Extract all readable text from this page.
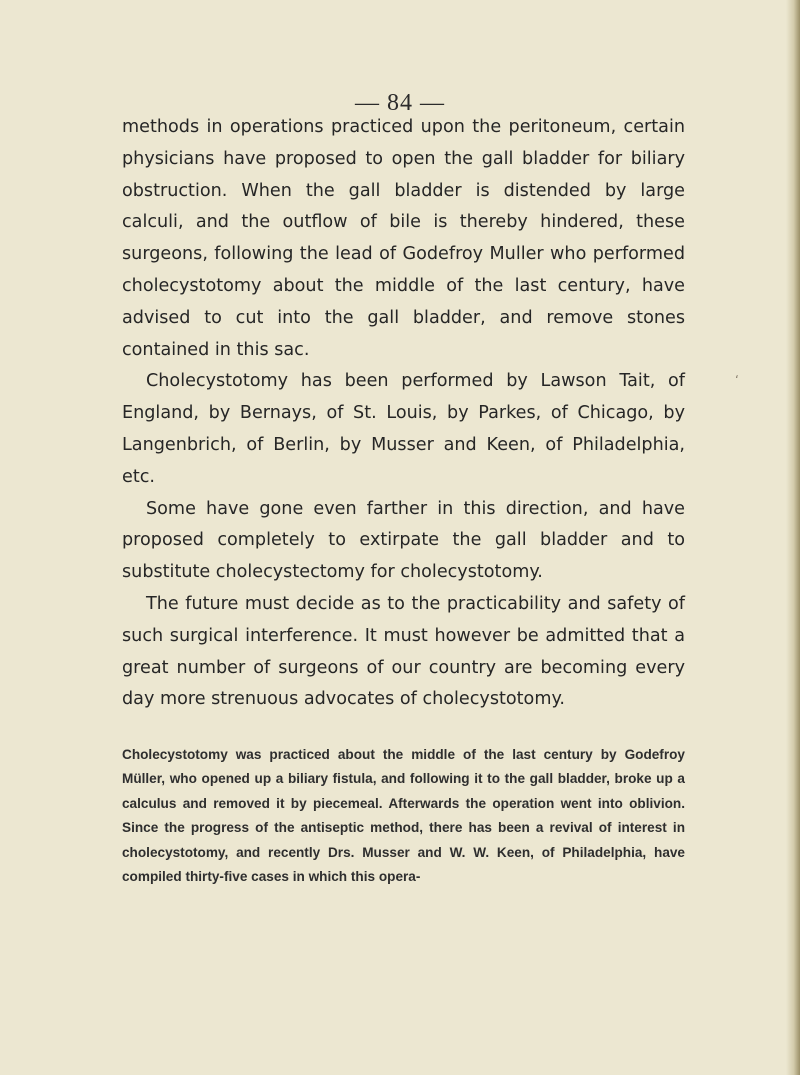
— 84 —

methods in operations practiced upon the peritoneum, certain physicians have proposed to open the gall bladder for biliary obstruction. When the gall bladder is distended by large calculi, and the outflow of bile is thereby hindered, these surgeons, following the lead of Godefroy Muller who performed cholecystotomy about the middle of the last century, have advised to cut into the gall bladder, and remove stones contained in this sac.

Cholecystotomy has been performed by Lawson Tait, of England, by Bernays, of St. Louis, by Parkes, of Chicago, by Langenbrich, of Berlin, by Musser and Keen, of Philadelphia, etc.

Some have gone even farther in this direction, and have proposed completely to extirpate the gall bladder and to substitute cholecystectomy for cholecystotomy.

The future must decide as to the practicability and safety of such surgical interference. It must however be admitted that a great number of surgeons of our country are becoming every day more strenuous advocates of cholecystotomy.

Cholecystotomy was practiced about the middle of the last century by Godefroy Müller, who opened up a biliary fistula, and following it to the gall bladder, broke up a calculus and removed it by piecemeal. Afterwards the operation went into oblivion. Since the progress of the antiseptic method, there has been a revival of interest in cholecystotomy, and recently Drs. Musser and W. W. Keen, of Philadelphia, have compiled thirty-five cases in which this opera-

ʻ
